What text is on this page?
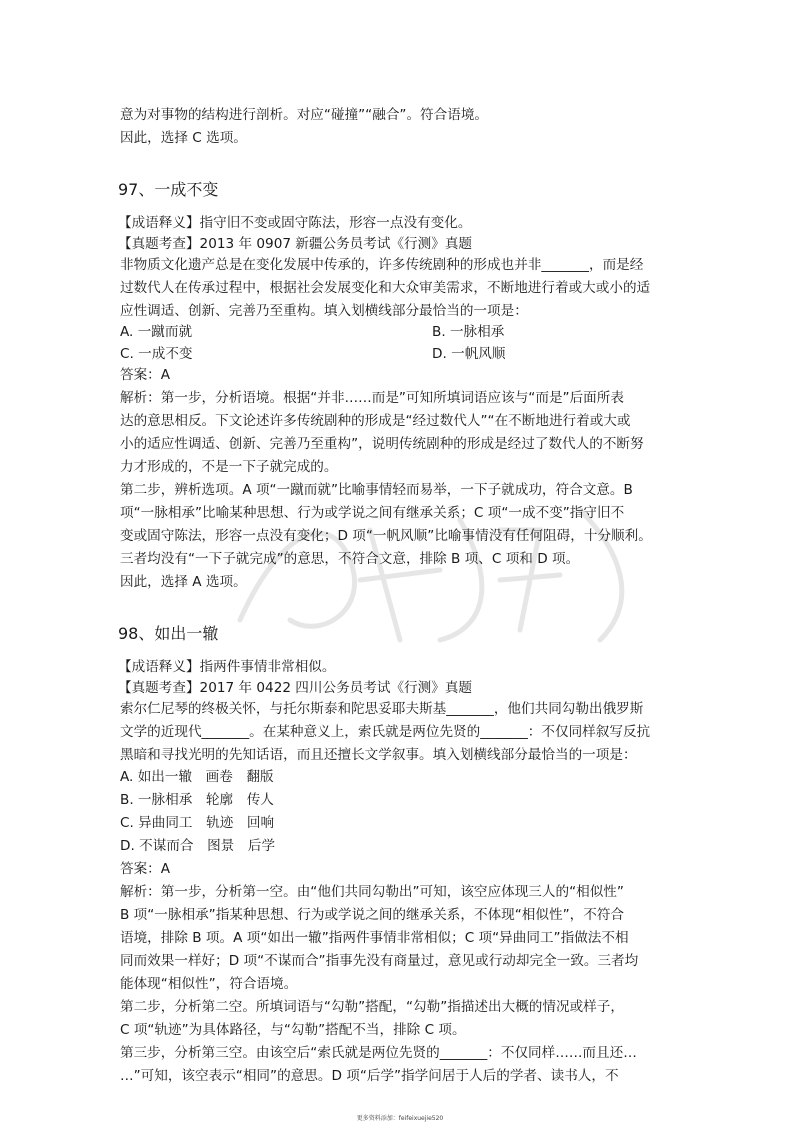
意为对事物的结构进行剖析。对应“碰撞”“融合”。符合语境。
因此，选择 C 选项。
97、一成不变
【成语释义】指守旧不变或固守陈法，形容一点没有变化。
【真题考查】2013 年 0907 新疆公务员考试《行测》真题
非物质文化遗产总是在变化发展中传承的，许多传统剧种的形成也并非_______，而是经
过数代人在传承过程中，根据社会发展变化和大众审美需求，不断地进行着或大或小的适
应性调适、创新、完善乃至重构。填入划横线部分最恰当的一项是：
A. 一蹴而就	B. 一脉相承
C. 一成不变	D. 一帆风顺
答案：A
解析：第一步，分析语境。根据“并非……而是”可知所填词语应该与“而是”后面所表
达的意思相反。下文论述许多传统剧种的形成是“经过数代人”“在不断地进行着或大或
小的适应性调适、创新、完善乃至重构”，说明传统剧种的形成是经过了数代人的不断努
力才形成的，不是一下子就完成的。
第二步，辨析选项。A 项“一蹴而就”比喻事情轻而易举，一下子就成功，符合文意。B
项“一脉相承”比喻某种思想、行为或学说之间有继承关系；C 项“一成不变”指守旧不
变或固守陈法，形容一点没有变化；D 项“一帆风顺”比喻事情没有任何阻碍，十分顺利。
三者均没有“一下子就完成”的意思，不符合文意，排除 B 项、C 项和 D 项。
因此，选择 A 选项。
98、如出一辙
【成语释义】指两件事情非常相似。
【真题考查】2017 年 0422 四川公务员考试《行测》真题
索尔仁尼琴的终极关怀，与托尔斯泰和陀思妥耶夫斯基_______，他们共同勾勒出俄罗斯
文学的近现代_______。在某种意义上，索氏就是两位先贤的_______：不仅同样叙写反抗
黑暗和寻找光明的先知话语，而且还擅长文学叙事。填入划横线部分最恰当的一项是：
A. 如出一辙　画卷　翻版
B. 一脉相承　轮廓　传人
C. 异曲同工　轨迹　回响
D. 不谋而合　图景　后学
答案：A
解析：第一步，分析第一空。由“他们共同勾勒出”可知，该空应体现三人的“相似性”
B 项“一脉相承”指某种思想、行为或学说之间的继承关系，不体现“相似性”，不符合
语境，排除 B 项。A 项“如出一辙”指两件事情非常相似；C 项“异曲同工”指做法不相
同而效果一样好；D 项“不谋而合”指事先没有商量过，意见或行动却完全一致。三者均
能体现“相似性”，符合语境。
第二步，分析第二空。所填词语与“勾勒”搭配，“勾勒”指描述出大概的情况或样子，
C 项“轨迹”为具体路径，与“勾勒”搭配不当，排除 C 项。
第三步，分析第三空。由该空后“索氏就是两位先贤的_______：不仅同样……而且还…
…”可知，该空表示“相同”的意思。D 项“后学”指学问居于人后的学者、读书人，不
更多资料添加：feifeixuejie520
